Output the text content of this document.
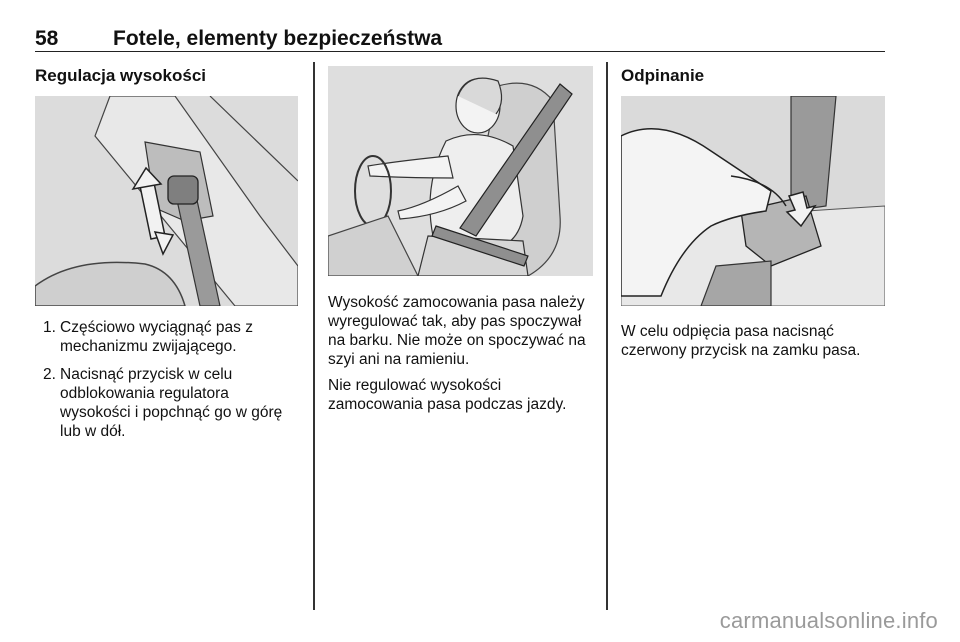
58	Fotele, elementy bezpieczeństwa
Regulacja wysokości
1. Częściowo wyciągnąć pas z mechanizmu zwijającego.
2. Nacisnąć przycisk w celu odblokowania regulatora wysokości i popchnąć go w górę lub w dół.

Wysokość zamocowania pasa należy wyregulować tak, aby pas spoczywał na barku. Nie może on spoczywać na szyi ani na ramieniu.

Nie regulować wysokości zamocowania pasa podczas jazdy.

Odpinanie

W celu odpięcia pasa nacisnąć czerwony przycisk na zamku pasa.

carmanualsonline.info
